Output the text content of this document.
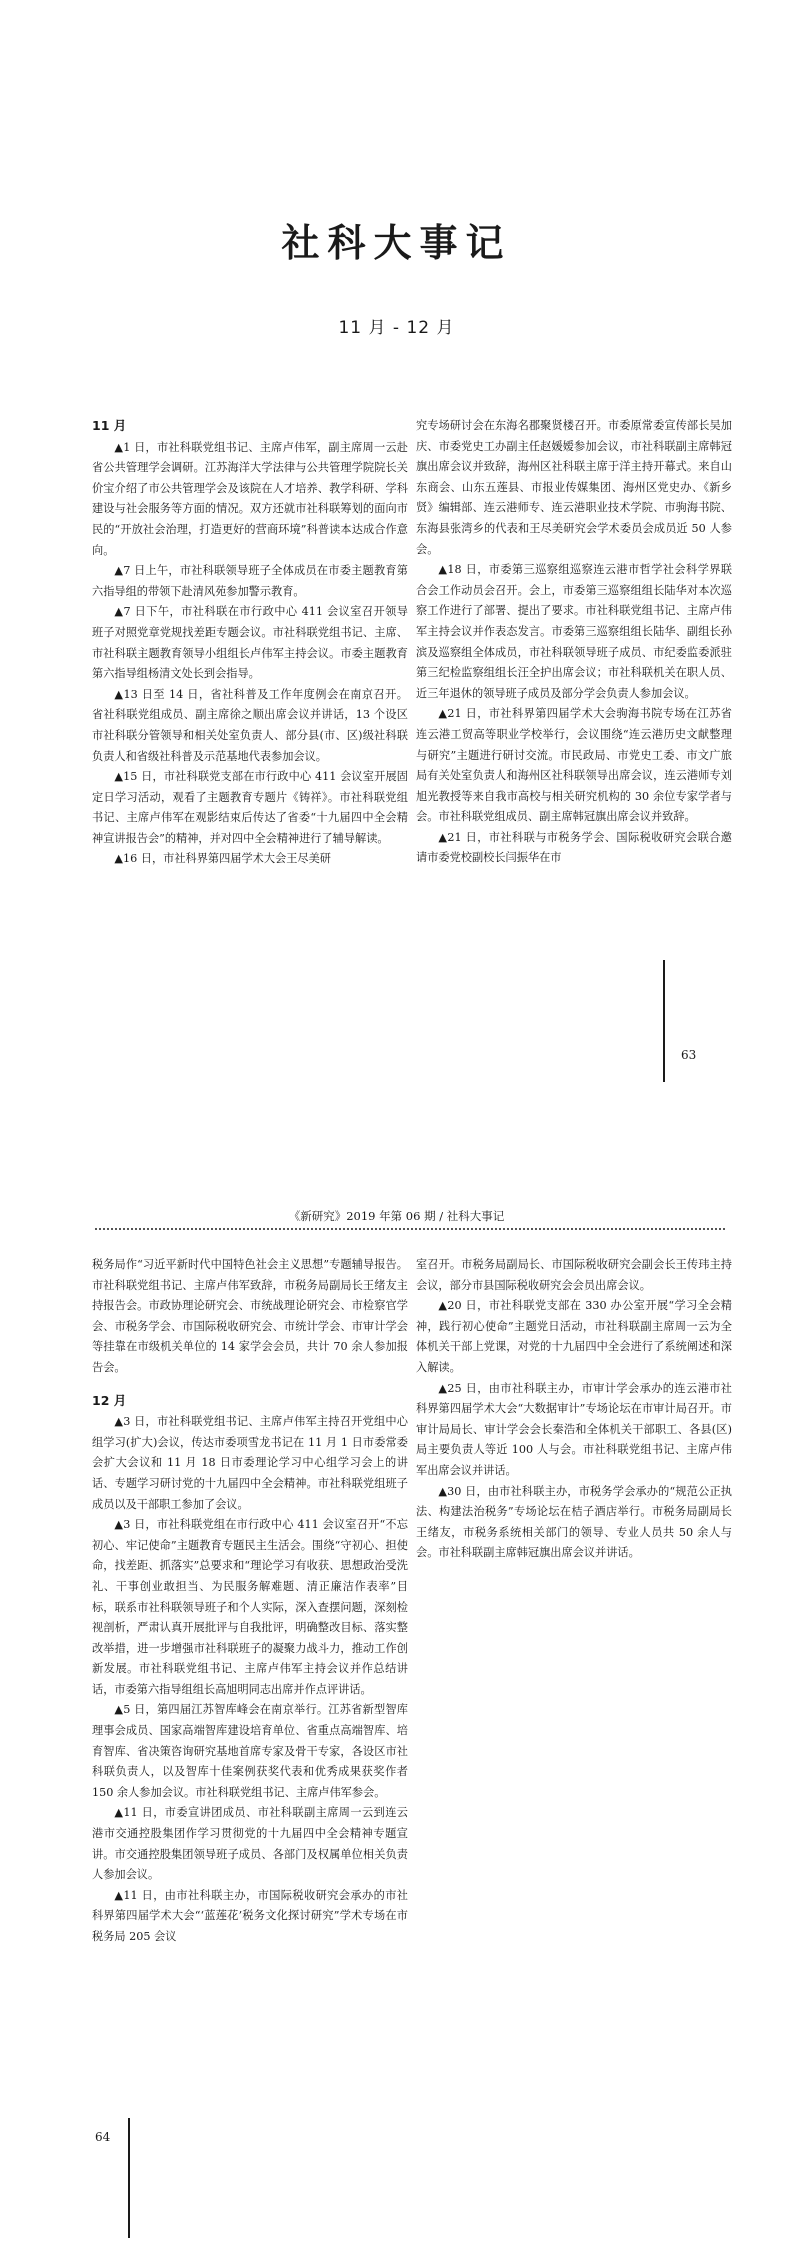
社科大事记
11 月 - 12 月
11 月

▲1 日，市社科联党组书记、主席卢伟军，副主席周一云赴省公共管理学会调研。江苏海洋大学法律与公共管理学院院长关价宝介绍了市公共管理学会及该院在人才培养、教学科研、学科建设与社会服务等方面的情况。双方还就市社科联筹划的面向市民的“开放社会治理，打造更好的营商环境”科普读本达成合作意向。

▲7 日上午，市社科联领导班子全体成员在市委主题教育第六指导组的带领下赴清风苑参加警示教育。

▲7 日下午，市社科联在市行政中心 411 会议室召开领导班子对照党章党规找差距专题会议。市社科联党组书记、主席、市社科联主题教育领导小组组长卢伟军主持会议。市委主题教育第六指导组杨清文处长到会指导。

▲13 日至 14 日，省社科普及工作年度例会在南京召开。省社科联党组成员、副主席徐之顺出席会议并讲话，13 个设区市社科联分管领导和相关处室负责人、部分县(市、区)级社科联负责人和省级社科普及示范基地代表参加会议。

▲15 日，市社科联党支部在市行政中心 411 会议室开展固定日学习活动，观看了主题教育专题片《铸祥》。市社科联党组书记、主席卢伟军在观影结束后传达了省委“十九届四中全会精神宣讲报告会”的精神，并对四中全会精神进行了辅导解读。

▲16 日，市社科界第四届学术大会王尽美研

究专场研讨会在东海名郡聚贤楼召开。市委原常委宣传部长吴加庆、市委党史工办副主任赵媛嫒参加会议，市社科联副主席韩冠旗出席会议并致辞，海州区社科联主席于洋主持开幕式。来自山东商会、山东五莲县、市报业传媒集团、海州区党史办、《新乡贤》编辑部、连云港师专、连云港职业技术学院、市驹海书院、东海县张湾乡的代表和王尽美研究会学术委员会成员近 50 人参会。

▲18 日，市委第三巡察组巡察连云港市哲学社会科学界联合会工作动员会召开。会上，市委第三巡察组组长陆华对本次巡察工作进行了部署、提出了要求。市社科联党组书记、主席卢伟军主持会议并作表态发言。市委第三巡察组组长陆华、副组长孙滨及巡察组全体成员，市社科联领导班子成员、市纪委监委派驻第三纪检监察组组长汪全护出席会议；市社科联机关在职人员、近三年退休的领导班子成员及部分学会负责人参加会议。

▲21 日，市社科界第四届学术大会驹海书院专场在江苏省连云港工贸高等职业学校举行，会议围绕“连云港历史文献整理与研究”主题进行研讨交流。市民政局、市党史工委、市文广旅局有关处室负责人和海州区社科联领导出席会议，连云港师专刘旭光教授等来自我市高校与相关研究机构的 30 余位专家学者与会。市社科联党组成员、副主席韩冠旗出席会议并致辞。

▲21 日，市社科联与市税务学会、国际税收研究会联合邀请市委党校副校长闫振华在市

63
《新研究》2019 年第 06 期 / 社科大事记

税务局作“习近平新时代中国特色社会主义思想”专题辅导报告。市社科联党组书记、主席卢伟军致辞，市税务局副局长王绪友主持报告会。市政协理论研究会、市统战理论研究会、市检察官学会、市税务学会、市国际税收研究会、市统计学会、市审计学会等挂靠在市级机关单位的 14 家学会会员，共计 70 余人参加报告会。

12 月

▲3 日，市社科联党组书记、主席卢伟军主持召开党组中心组学习(扩大)会议，传达市委项雪龙书记在 11 月 1 日市委常委会扩大会议和 11 月 18 日市委理论学习中心组学习会上的讲话、专题学习研讨党的十九届四中全会精神。市社科联党组班子成员以及干部职工参加了会议。

▲3 日，市社科联党组在市行政中心 411 会议室召开“不忘初心、牢记使命”主题教育专题民主生活会。围绕“守初心、担使命，找差距、抓落实”总要求和“理论学习有收获、思想政治受洗礼、干事创业敢担当、为民服务解难题、清正廉洁作表率”目标，联系市社科联领导班子和个人实际，深入查摆问题，深刻检视剖析，严肃认真开展批评与自我批评，明确整改目标、落实整改举措，进一步增强市社科联班子的凝聚力战斗力，推动工作创新发展。市社科联党组书记、主席卢伟军主持会议并作总结讲话，市委第六指导组组长高旭明同志出席并作点评讲话。

▲5 日，第四届江苏智库峰会在南京举行。江苏省新型智库理事会成员、国家高端智库建设培育单位、省重点高端智库、培育智库、省决策咨询研究基地首席专家及骨干专家，各设区市社科联负责人，以及智库十佳案例获奖代表和优秀成果获奖作者 150 余人参加会议。市社科联党组书记、主席卢伟军参会。

▲11 日，市委宣讲团成员、市社科联副主席周一云到连云港市交通控股集团作学习贯彻党的十九届四中全会精神专题宣讲。市交通控股集团领导班子成员、各部门及权属单位相关负责人参加会议。

▲11 日，由市社科联主办，市国际税收研究会承办的市社科界第四届学术大会“‘蓝莲花’税务文化探讨研究”学术专场在市税务局 205 会议

室召开。市税务局副局长、市国际税收研究会副会长王传玮主持会议，部分市县国际税收研究会会员出席会议。

▲20 日，市社科联党支部在 330 办公室开展“学习全会精神，践行初心使命”主题党日活动，市社科联副主席周一云为全体机关干部上党课，对党的十九届四中全会进行了系统阐述和深入解读。

▲25 日，由市社科联主办，市审计学会承办的连云港市社科界第四届学术大会“大数据审计”专场论坛在市审计局召开。市审计局局长、审计学会会长秦浩和全体机关干部职工、各县(区)局主要负责人等近 100 人与会。市社科联党组书记、主席卢伟军出席会议并讲话。

▲30 日，由市社科联主办，市税务学会承办的“规范公正执法、构建法治税务”专场论坛在桔子酒店举行。市税务局副局长王绪友，市税务系统相关部门的领导、专业人员共 50 余人与会。市社科联副主席韩冠旗出席会议并讲话。

64
